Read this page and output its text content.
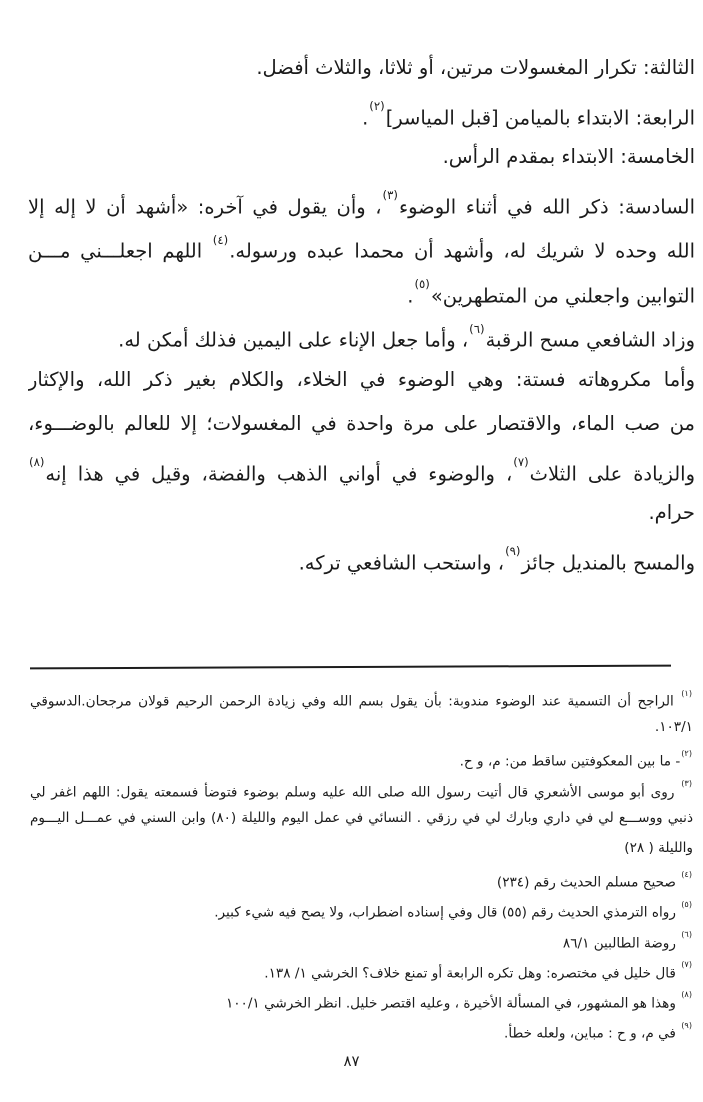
الثالثة: تكرار المغسولات مرتين، أو ثلاثا، والثلاث أفضل.
الرابعة: الابتداء بالميامن [قبل المياسر]$^{(٢)}$.
الخامسة: الابتداء بمقدم الرأس.
السادسة: ذكر الله في أثناء الوضوء$^{(٣)}$، وأن يقول في آخره: «أشهد أن لا إله إلا
الله وحده لا شريك له، وأشهد أن محمدا عبده ورسوله.$^{(٤)}$ اللهم اجعلـــني مـــن
التوابين واجعلني من المتطهرين»$^{(٥)}$.
وزاد الشافعي مسح الرقبة$^{(٦)}$، وأما جعل الإناء على اليمين فذلك أمكن له.
وأما مكروهاته فستة: وهي الوضوء في الخلاء، والكلام بغير ذكر الله، والإكثار
من صب الماء، والاقتصار على مرة واحدة في المغسولات؛ إلا للعالم بالوضـــوء،
والزيادة على الثلاث$^{(٧)}$، والوضوء في أواني الذهب والفضة، وقيل في هذا إنه$^{(٨)}$
حرام.
والمسح بالمنديل جائز$^{(٩)}$، واستحب الشافعي تركه.
$^{(١)}$ الراجح أن التسمية عند الوضوء مندوبة: بأن يقول بسم الله وفي زيادة الرحمن الرحيم قولان مرجحان.الدسوقي
١٠٣/١.
$^{(٢)}$- ما بين المعكوفتين ساقط من: م، و ح.
$^{(٣)}$ روى أبو موسى الأشعري قال أتيت رسول الله صلى الله عليه وسلم بوضوء فتوضأ فسمعته يقول: اللهم اغفر لي
ذنبي ووســـع لي في داري وبارك لي في رزقي . النسائي في عمل اليوم والليلة (٨٠) وابن السني في عمـــل اليـــوم
والليلة ( ٢٨)
$^{(٤)}$ صحيح مسلم الحديث رقم (٢٣٤)
$^{(٥)}$ رواه الترمذي الحديث رقم (٥٥) قال وفي إسناده اضطراب، ولا يصح فيه شيء كبير.
$^{(٦)}$ روضة الطالبين ٨٦/١
$^{(٧)}$ قال خليل في مختصره: وهل تكره الرابعة أو تمنع خلاف؟ الخرشي ١/ ١٣٨.
$^{(٨)}$ وهذا هو المشهور، في المسألة الأخيرة ، وعليه اقتصر خليل. انظر الخرشي ١٠٠/١
$^{(٩)}$ في م، و ح : مباين، ولعله خطأ.
٨٧
